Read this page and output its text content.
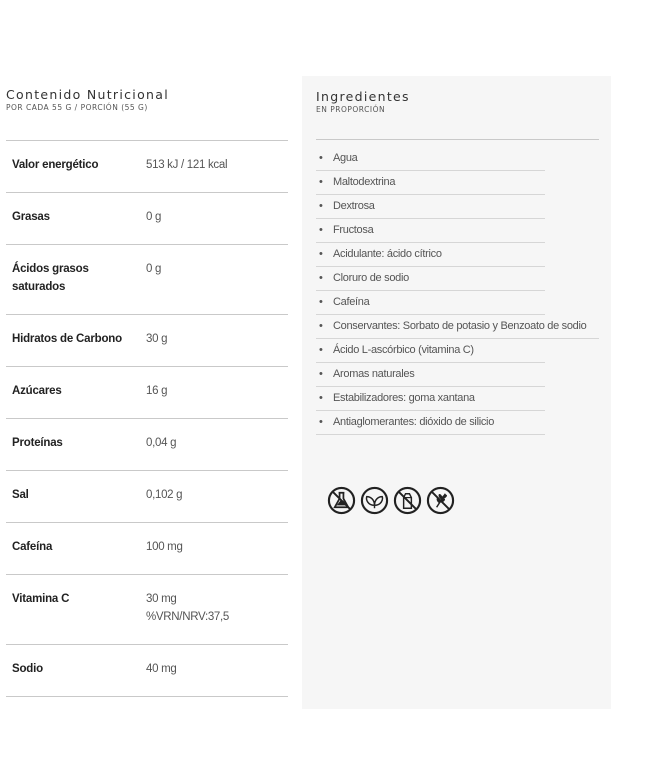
Contenido Nutricional
POR CADA 55 G / PORCIÓN (55 G)
Valor energético	513 kJ / 121 kcal
Grasas	0 g
Ácidos grasos saturados
0 g
Hidratos de Carbono	30 g
Azúcares	16 g
Proteínas	0,04 g
Sal	0,102 g
Cafeína	100 mg
Vitamina C	30 mg
%VRN/NRV:37,5
Sodio	40 mg
Ingredientes
EN PROPORCIÓN
• Agua
• Maltodextrina
• Dextrosa
• Fructosa
• Acidulante: ácido cítrico
• Cloruro de sodio
• Cafeína
• Conservantes: Sorbato de potasio y Benzoato de sodio
• Ácido L-ascórbico (vitamina C)
• Aromas naturales
• Estabilizadores: goma xantana
• Antiaglomerantes: dióxido de silicio
